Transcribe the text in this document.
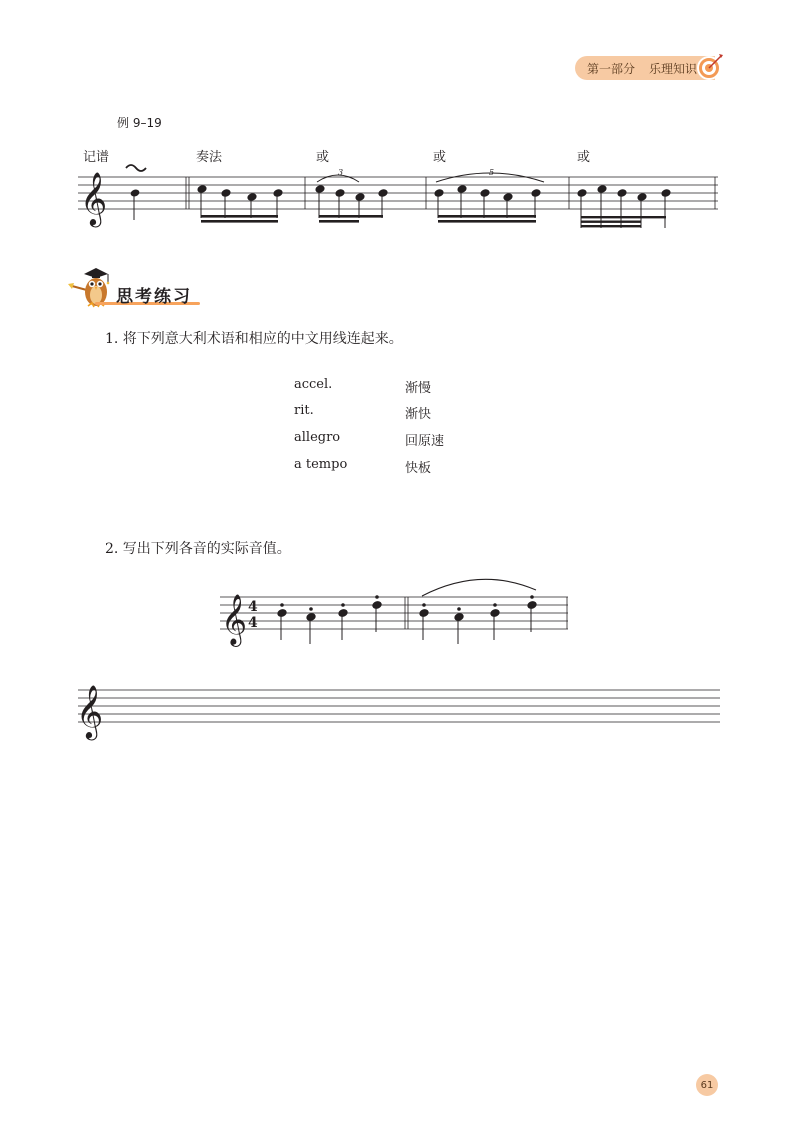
第一部分 乐理知识
例 9–19
记谱	奏法	或	或	或
𝄞	3	5
思考练习
1. 将下列意大利术语和相应的中文用线连起来。
accel.
rit.
allegro
a tempo
渐慢
渐快
回原速
快板
2. 写出下列各音的实际音值。
𝄞 4
4
𝄞
61
